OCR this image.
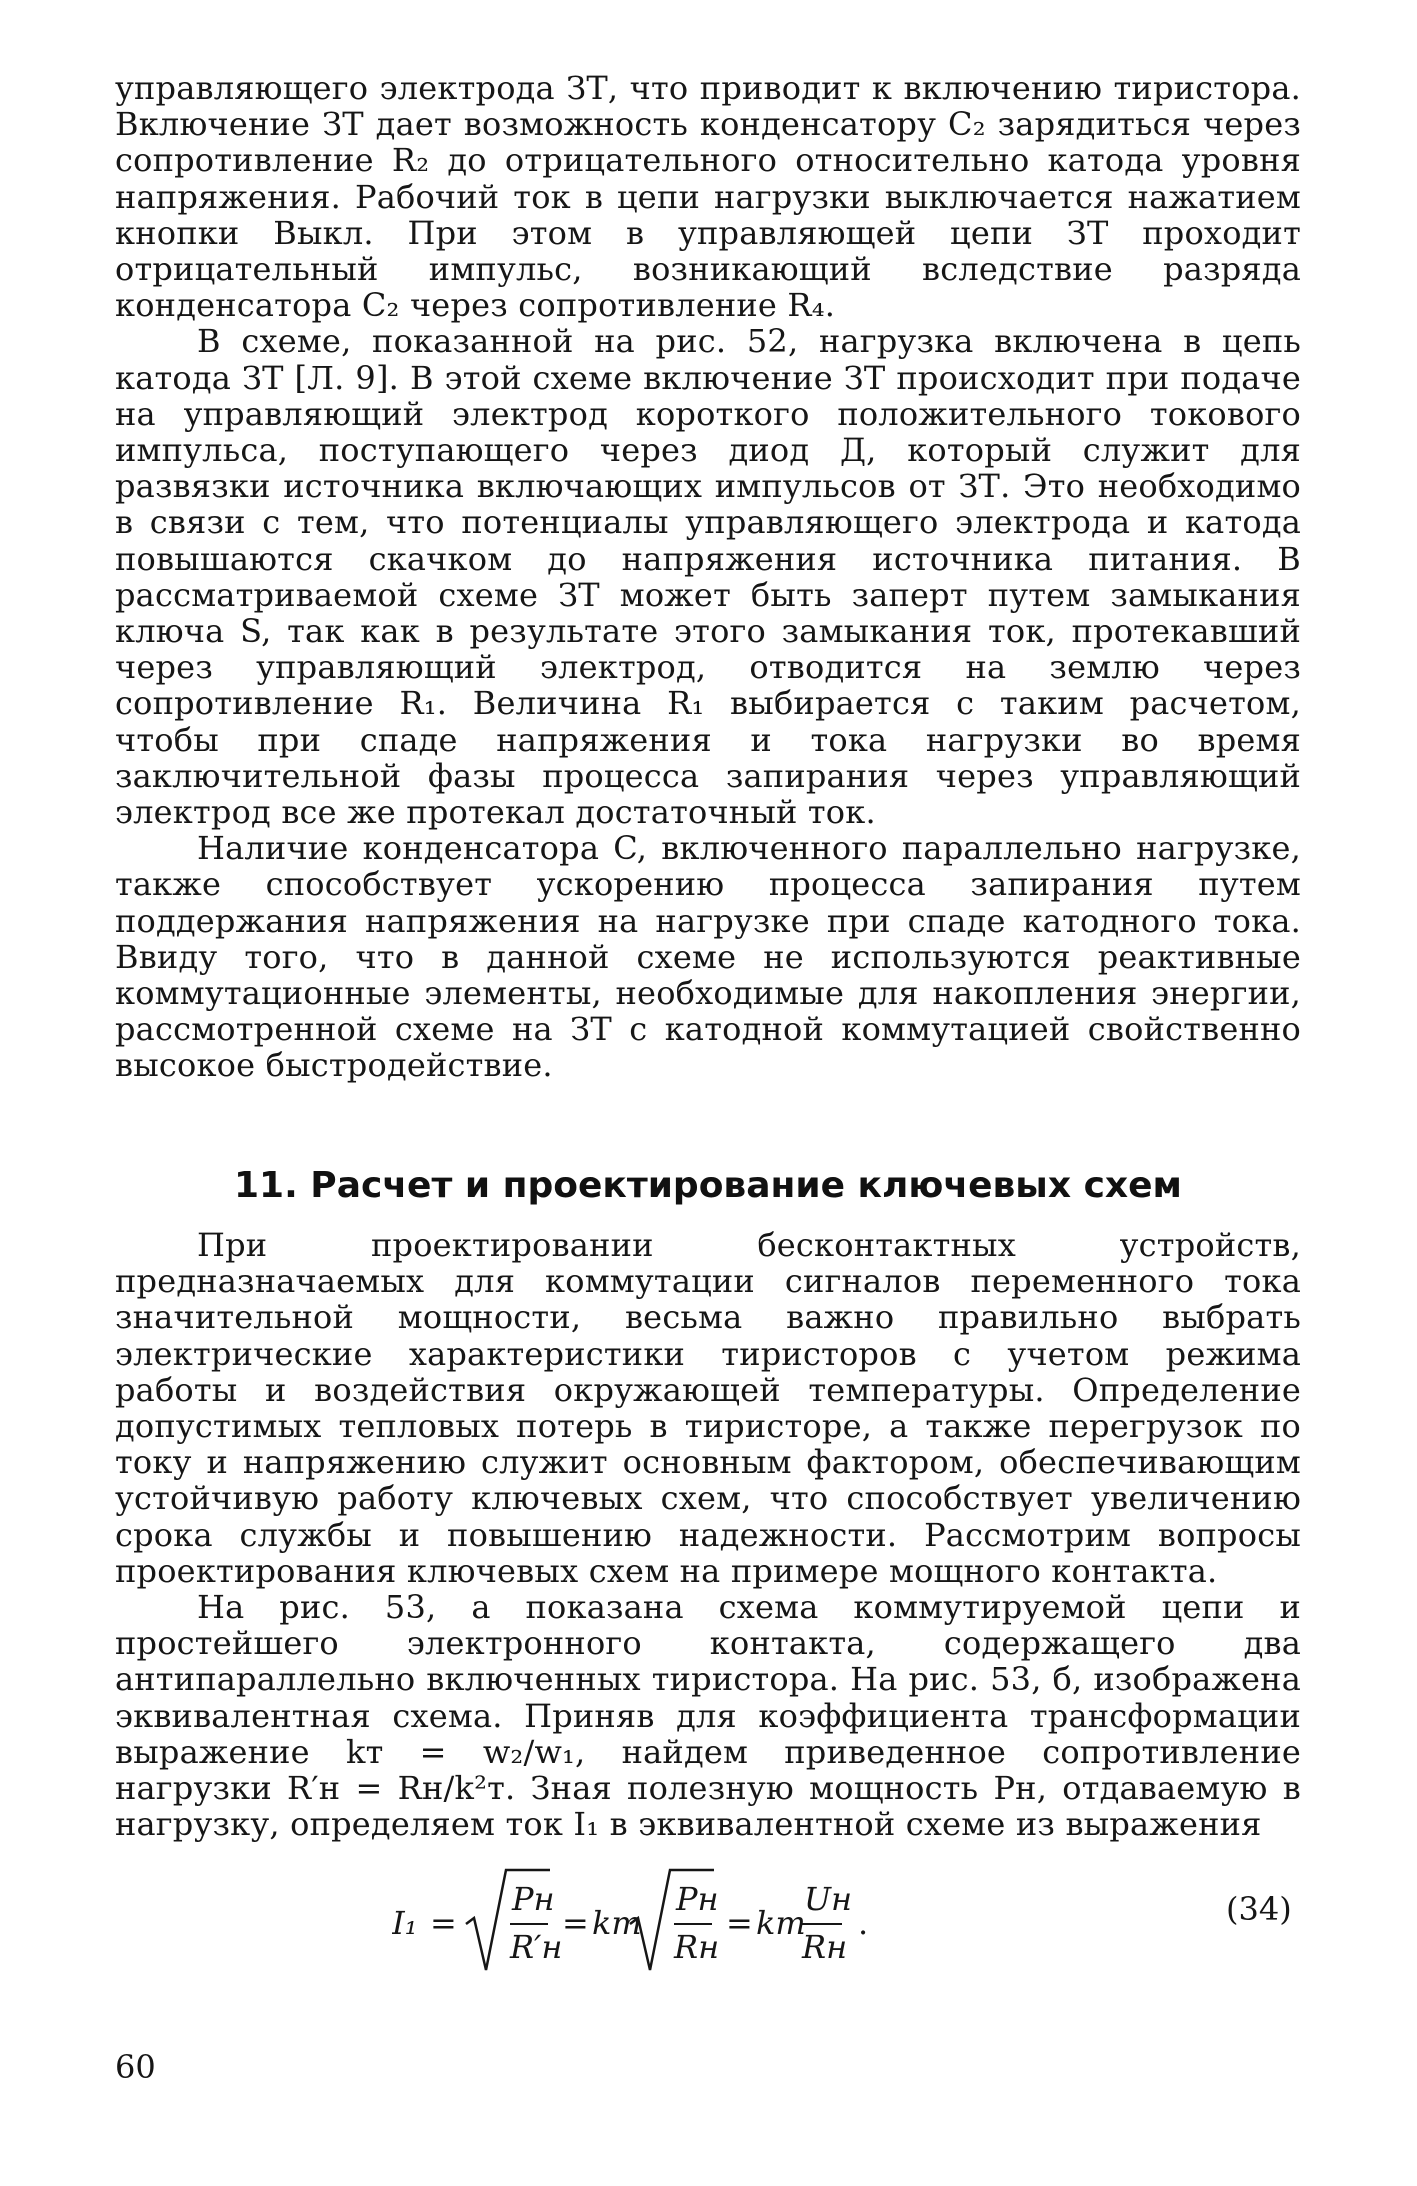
управляющего электрода ЗТ, что приводит к включению тиристора. Включение ЗТ дает возможность конденсатору C₂ зарядиться через сопротивление R₂ до отрицательного относительно катода уровня напряжения. Рабочий ток в цепи нагрузки выключается нажатием кнопки Выкл. При этом в управляющей цепи ЗТ проходит отрицательный импульс, возникающий вследствие разряда конденсатора C₂ через сопротивление R₄.

В схеме, показанной на рис. 52, нагрузка включена в цепь катода ЗТ [Л. 9]. В этой схеме включение ЗТ происходит при подаче на управляющий электрод короткого положительного токового импульса, поступающего через диод Д, который служит для развязки источника включающих импульсов от ЗТ. Это необходимо в связи с тем, что потенциалы управляющего электрода и катода повышаются скачком до напряжения источника питания. В рассматриваемой схеме ЗТ может быть заперт путем замыкания ключа S, так как в результате этого замыкания ток, протекавший через управляющий электрод, отводится на землю через сопротивление R₁. Величина R₁ выбирается с таким расчетом, чтобы при спаде напряжения и тока нагрузки во время заключительной фазы процесса запирания через управляющий электрод все же протекал достаточный ток.

Наличие конденсатора C, включенного параллельно нагрузке, также способствует ускорению процесса запирания путем поддержания напряжения на нагрузке при спаде катодного тока. Ввиду того, что в данной схеме не используются реактивные коммутационные элементы, необходимые для накопления энергии, рассмотренной схеме на ЗТ с катодной коммутацией свойственно высокое быстродействие.

11. Расчет и проектирование ключевых схем

При проектировании бесконтактных устройств, предназначаемых для коммутации сигналов переменного тока значительной мощности, весьма важно правильно выбрать электрические характеристики тиристоров с учетом режима работы и воздействия окружающей температуры. Определение допустимых тепловых потерь в тиристоре, а также перегрузок по току и напряжению служит основным фактором, обеспечивающим устойчивую работу ключевых схем, что способствует увеличению срока службы и повышению надежности. Рассмотрим вопросы проектирования ключевых схем на примере мощного контакта.

На рис. 53, а показана схема коммутируемой цепи и простейшего электронного контакта, содержащего два антипараллельно включенных тиристора. На рис. 53, б, изображена эквивалентная схема. Приняв для коэффициента трансформации выражение kт = w₂/w₁, найдем приведенное сопротивление нагрузки R′н = Rн/k²т. Зная полезную мощность Pн, отдаваемую в нагрузку, определяем ток I₁ в эквивалентной схеме из выражения

I₁ =
Pн
R′н
= kт
Pн
Rн
= kт
Uн
Rн
.	(34)
60
